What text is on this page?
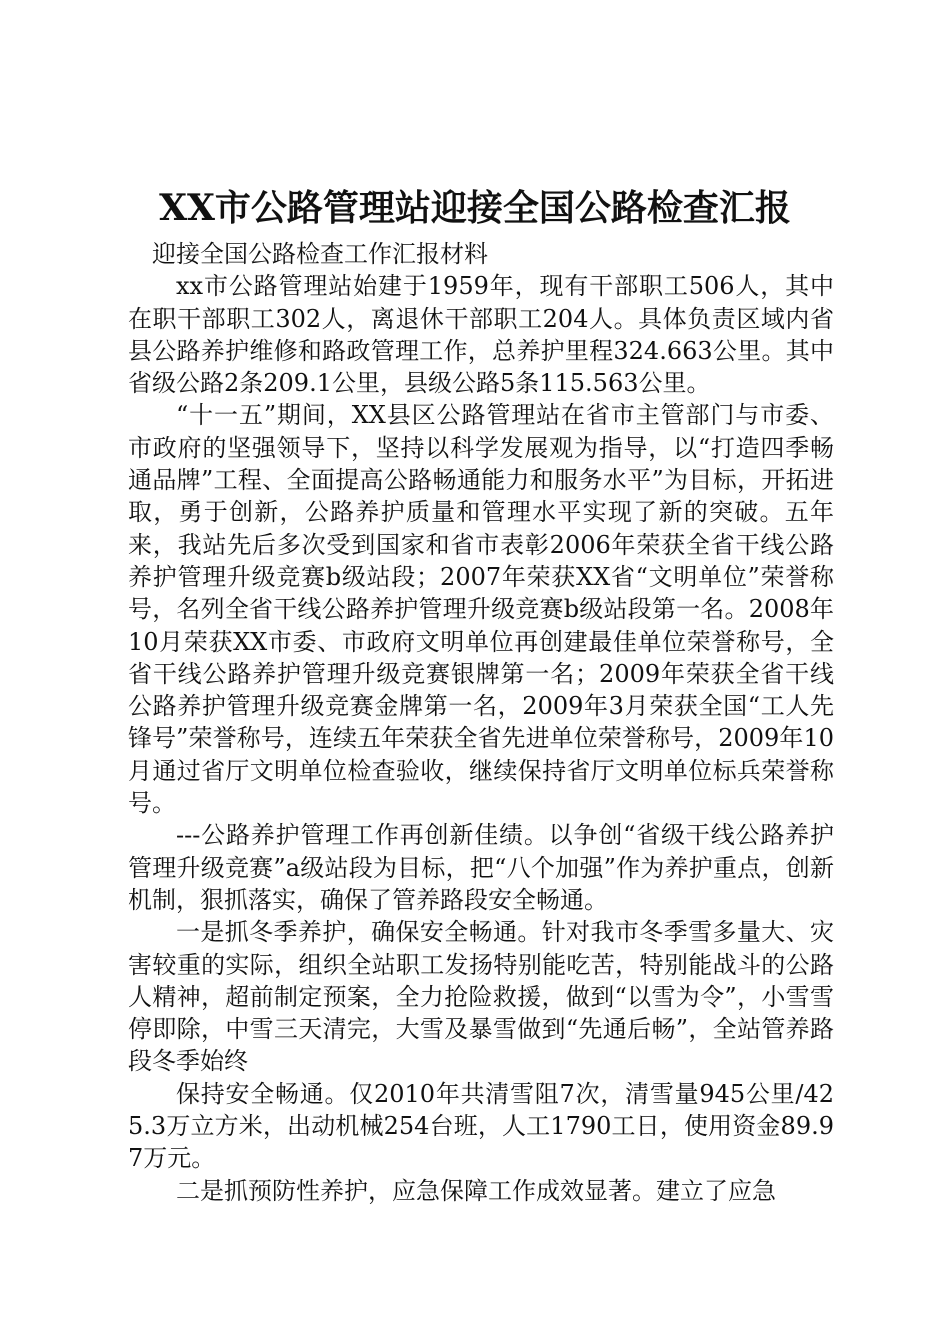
XX市公路管理站迎接全国公路检查汇报

迎接全国公路检查工作汇报材料

xx市公路管理站始建于1959年，现有干部职工506人，其中在职干部职工302人，离退休干部职工204人。具体负责区域内省县公路养护维修和路政管理工作，总养护里程324.663公里。其中省级公路2条209.1公里，县级公路5条115.563公里。

“十一五”期间，XX县区公路管理站在省市主管部门与市委、市政府的坚强领导下，坚持以科学发展观为指导，以“打造四季畅通品牌”工程、全面提高公路畅通能力和服务水平”为目标，开拓进取，勇于创新，公路养护质量和管理水平实现了新的突破。五年来，我站先后多次受到国家和省市表彰2006年荣获全省干线公路养护管理升级竞赛b级站段；2007年荣获XX省“文明单位”荣誉称号，名列全省干线公路养护管理升级竞赛b级站段第一名。2008年10月荣获XX市委、市政府文明单位再创建最佳单位荣誉称号，全省干线公路养护管理升级竞赛银牌第一名；2009年荣获全省干线公路养护管理升级竞赛金牌第一名，2009年3月荣获全国“工人先锋号”荣誉称号，连续五年荣获全省先进单位荣誉称号，2009年10月通过省厅文明单位检查验收，继续保持省厅文明单位标兵荣誉称号。

---公路养护管理工作再创新佳绩。以争创“省级干线公路养护管理升级竞赛”a级站段为目标，把“八个加强”作为养护重点，创新机制，狠抓落实，确保了管养路段安全畅通。

一是抓冬季养护，确保安全畅通。针对我市冬季雪多量大、灾害较重的实际，组织全站职工发扬特别能吃苦，特别能战斗的公路人精神，超前制定预案，全力抢险救援，做到“以雪为令”，小雪雪停即除，中雪三天清完，大雪及暴雪做到“先通后畅”，全站管养路段冬季始终

保持安全畅通。仅2010年共清雪阻7次，清雪量945公里/425.3万立方米，出动机械254台班，人工1790工日，使用资金89.97万元。

二是抓预防性养护，应急保障工作成效显著。建立了应急
